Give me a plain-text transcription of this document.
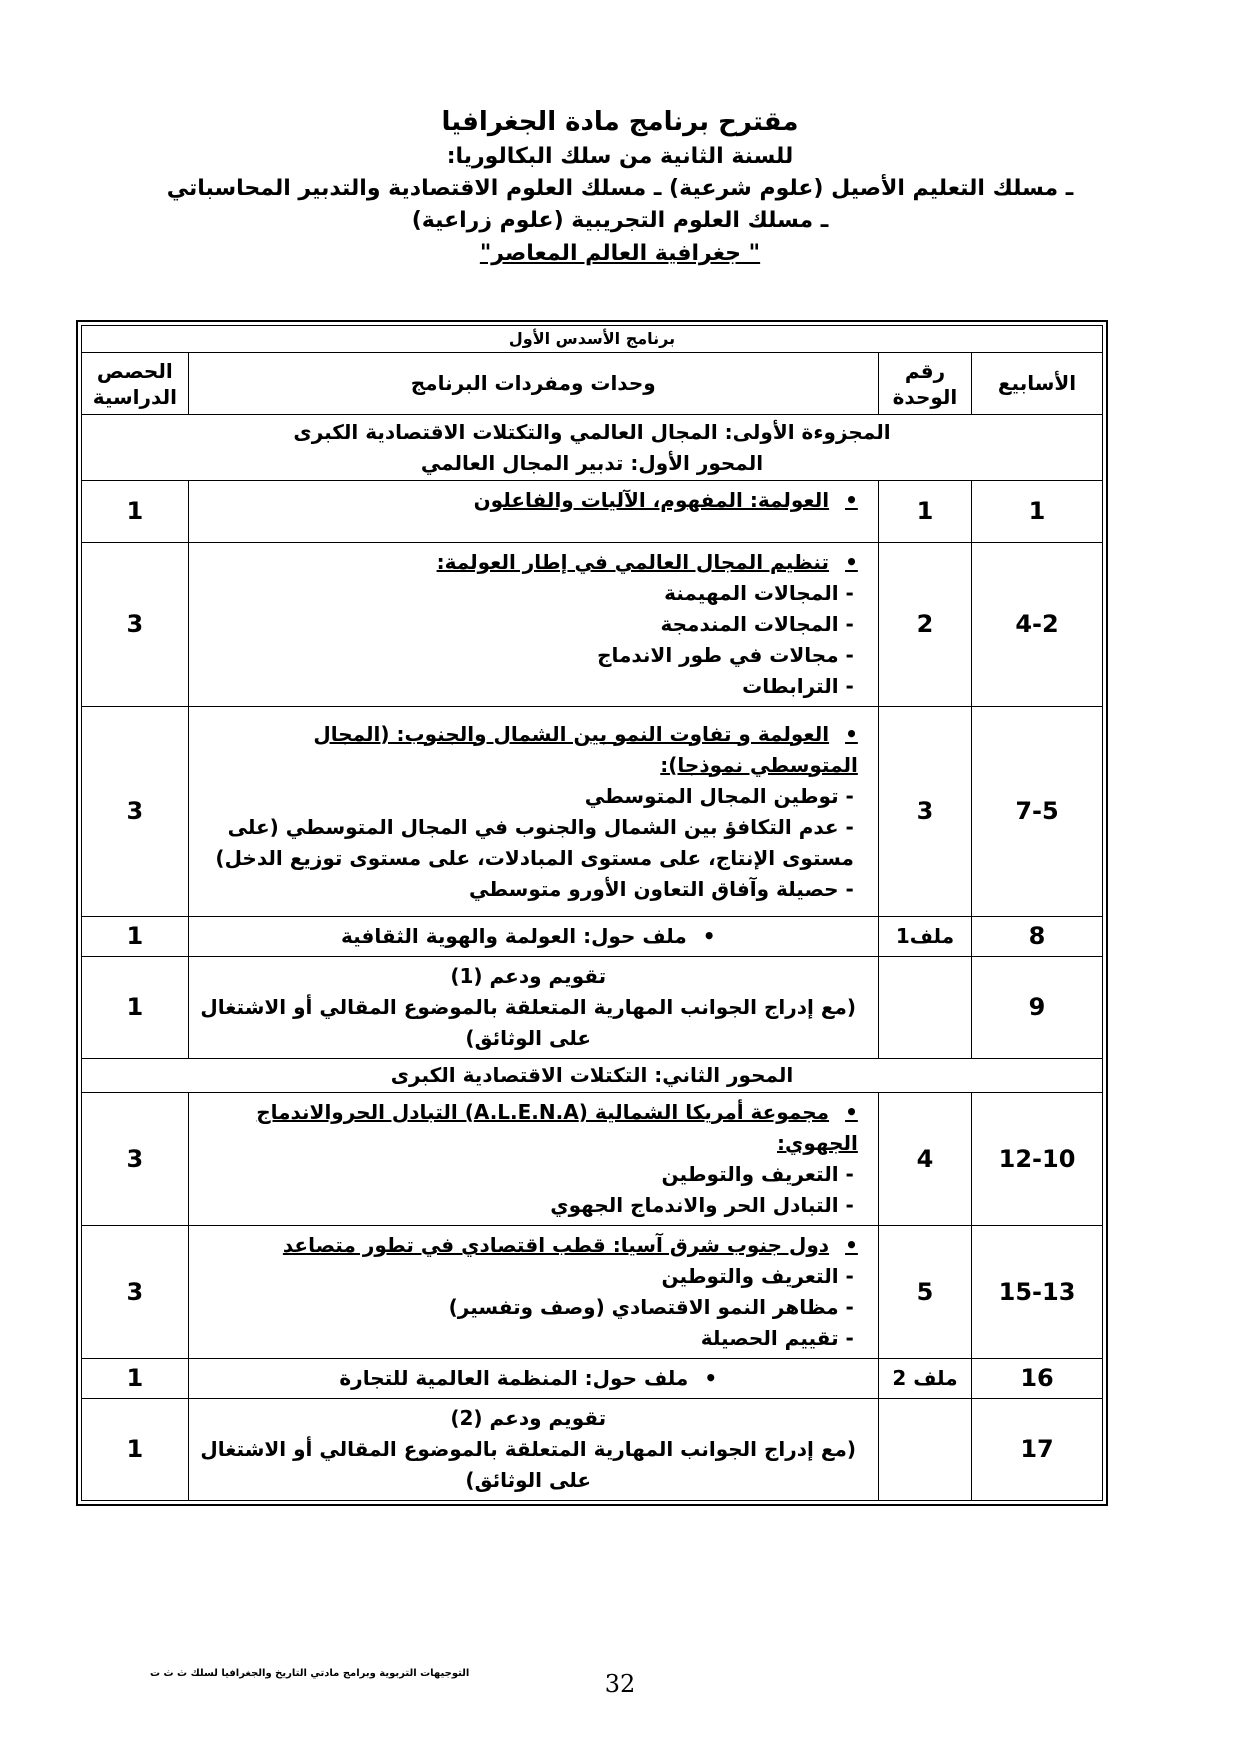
مقترح برنامج مادة الجغرافيا
للسنة الثانية من سلك البكالوريا:
ـ مسلك التعليم الأصيل (علوم شرعية) ـ مسلك العلوم الاقتصادية والتدبير المحاسباتي
ـ مسلك العلوم التجريبية (علوم زراعية)
" جغرافية العالم المعاصر"
برنامج الأسدس الأول			
الأسابيع	رقم الوحدة	وحدات ومفردات البرنامج	الحصص الدراسية

المجزوءة الأولى: المجال العالمي والتكتلات الاقتصادية الكبرى
المحور الأول: تدبير المجال العالمي			

1	1	• العولمة: المفهوم، الآليات والفاعلون	1
4-2	2	• تنظيم المجال العالمي في إطار العولمة:
- المجالات المهيمنة
- المجالات المندمجة
- مجالات في طور الاندماج
- الترابطات	3
7-5	3	• العولمة و تفاوت النمو بين الشمال والجنوب: (المجال المتوسطي نموذجا):
- توطين المجال المتوسطي
- عدم التكافؤ بين الشمال والجنوب في المجال المتوسطي (على مستوى الإنتاج، على مستوى المبادلات، على مستوى توزيع الدخل)
- حصيلة وآفاق التعاون الأورو متوسطي	3
8	ملف1	• ملف حول: العولمة والهوية الثقافية	1
9		تقويم ودعم (1)
(مع إدراج الجوانب المهارية المتعلقة بالموضوع المقالي أو الاشتغال على الوثائق)	1
المحور الثاني: التكتلات الاقتصادية الكبرى			
12-10	4	• مجموعة أمريكا الشمالية (A.L.E.N.A) التبادل الحروالاندماج الجهوي:
- التعريف والتوطين
- التبادل الحر والاندماج الجهوي	3
15-13	5	• دول جنوب شرق آسيا: قطب اقتصادي في تطور متصاعد
- التعريف والتوطين
- مظاهر النمو الاقتصادي (وصف وتفسير)
- تقييم الحصيلة	3
16	ملف 2	• ملف حول: المنظمة العالمية للتجارة	1
17		تقويم ودعم (2)
(مع إدراج الجوانب المهارية المتعلقة بالموضوع المقالي أو الاشتغال على الوثائق)	1
32
التوجيهات التربوية وبرامج مادتي التاريخ والجغرافيا لسلك ث ث ت
